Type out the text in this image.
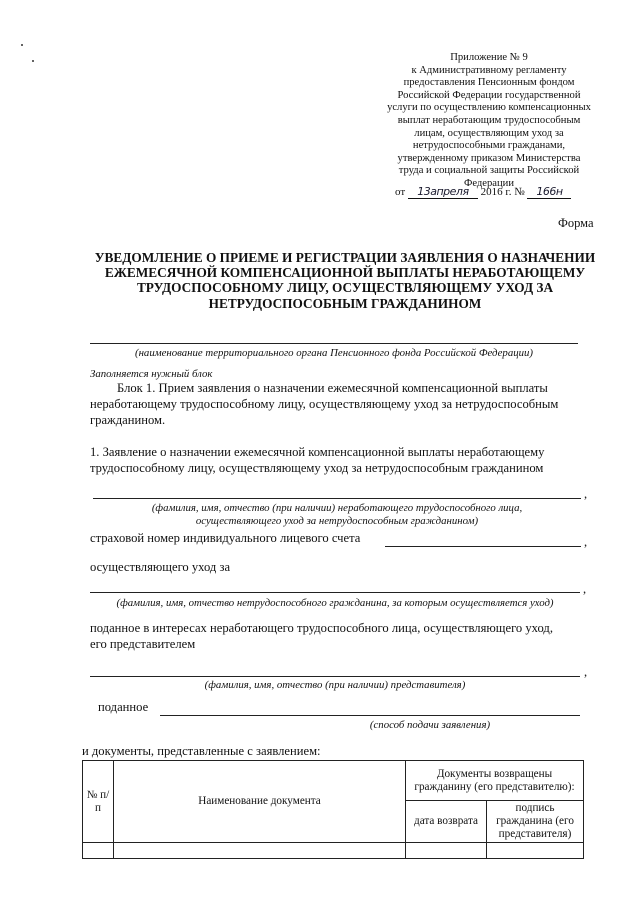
Приложение № 9
к Административному регламенту
предоставления Пенсионным фондом
Российской Федерации государственной
услуги по осуществлению компенсационных
выплат неработающим трудоспособным
лицам, осуществляющим уход за
нетрудоспособными гражданами,
утвержденному приказом Министерства
труда и социальной защиты Российской
Федерации
от 13апреля 2016 г. № 166н
Форма
УВЕДОМЛЕНИЕ О ПРИЕМЕ И РЕГИСТРАЦИИ ЗАЯВЛЕНИЯ О НАЗНАЧЕНИИ
ЕЖЕМЕСЯЧНОЙ КОМПЕНСАЦИОННОЙ ВЫПЛАТЫ НЕРАБОТАЮЩЕМУ
ТРУДОСПОСОБНОМУ ЛИЦУ, ОСУЩЕСТВЛЯЮЩЕМУ УХОД ЗА
НЕТРУДОСПОСОБНЫМ ГРАЖДАНИНОМ
(наименование территориального органа Пенсионного фонда Российской Федерации)
Заполняется нужный блок
Блок 1. Прием заявления о назначении ежемесячной компенсационной выплаты
неработающему трудоспособному лицу, осуществляющему уход за нетрудоспособным
гражданином.
1. Заявление о назначении ежемесячной компенсационной выплаты неработающему
трудоспособному лицу, осуществляющему уход за нетрудоспособным гражданином
,
(фамилия, имя, отчество (при наличии) неработающего трудоспособного лица,
осуществляющего уход за нетрудоспособным гражданином)
страховой номер индивидуального лицевого счета	,
осуществляющего уход за
,
(фамилия, имя, отчество нетрудоспособного гражданина, за которым осуществляется уход)
поданное в интересах неработающего трудоспособного лица, осуществляющего уход,
его представителем
,
(фамилия, имя, отчество (при наличии) представителя)
поданное
(способ подачи заявления)
и документы, представленные с заявлением:
№ п/п	Наименование документа	Документы возвращены гражданину (его представителю):	
		дата возврата	подпись гражданина (его представителя)
